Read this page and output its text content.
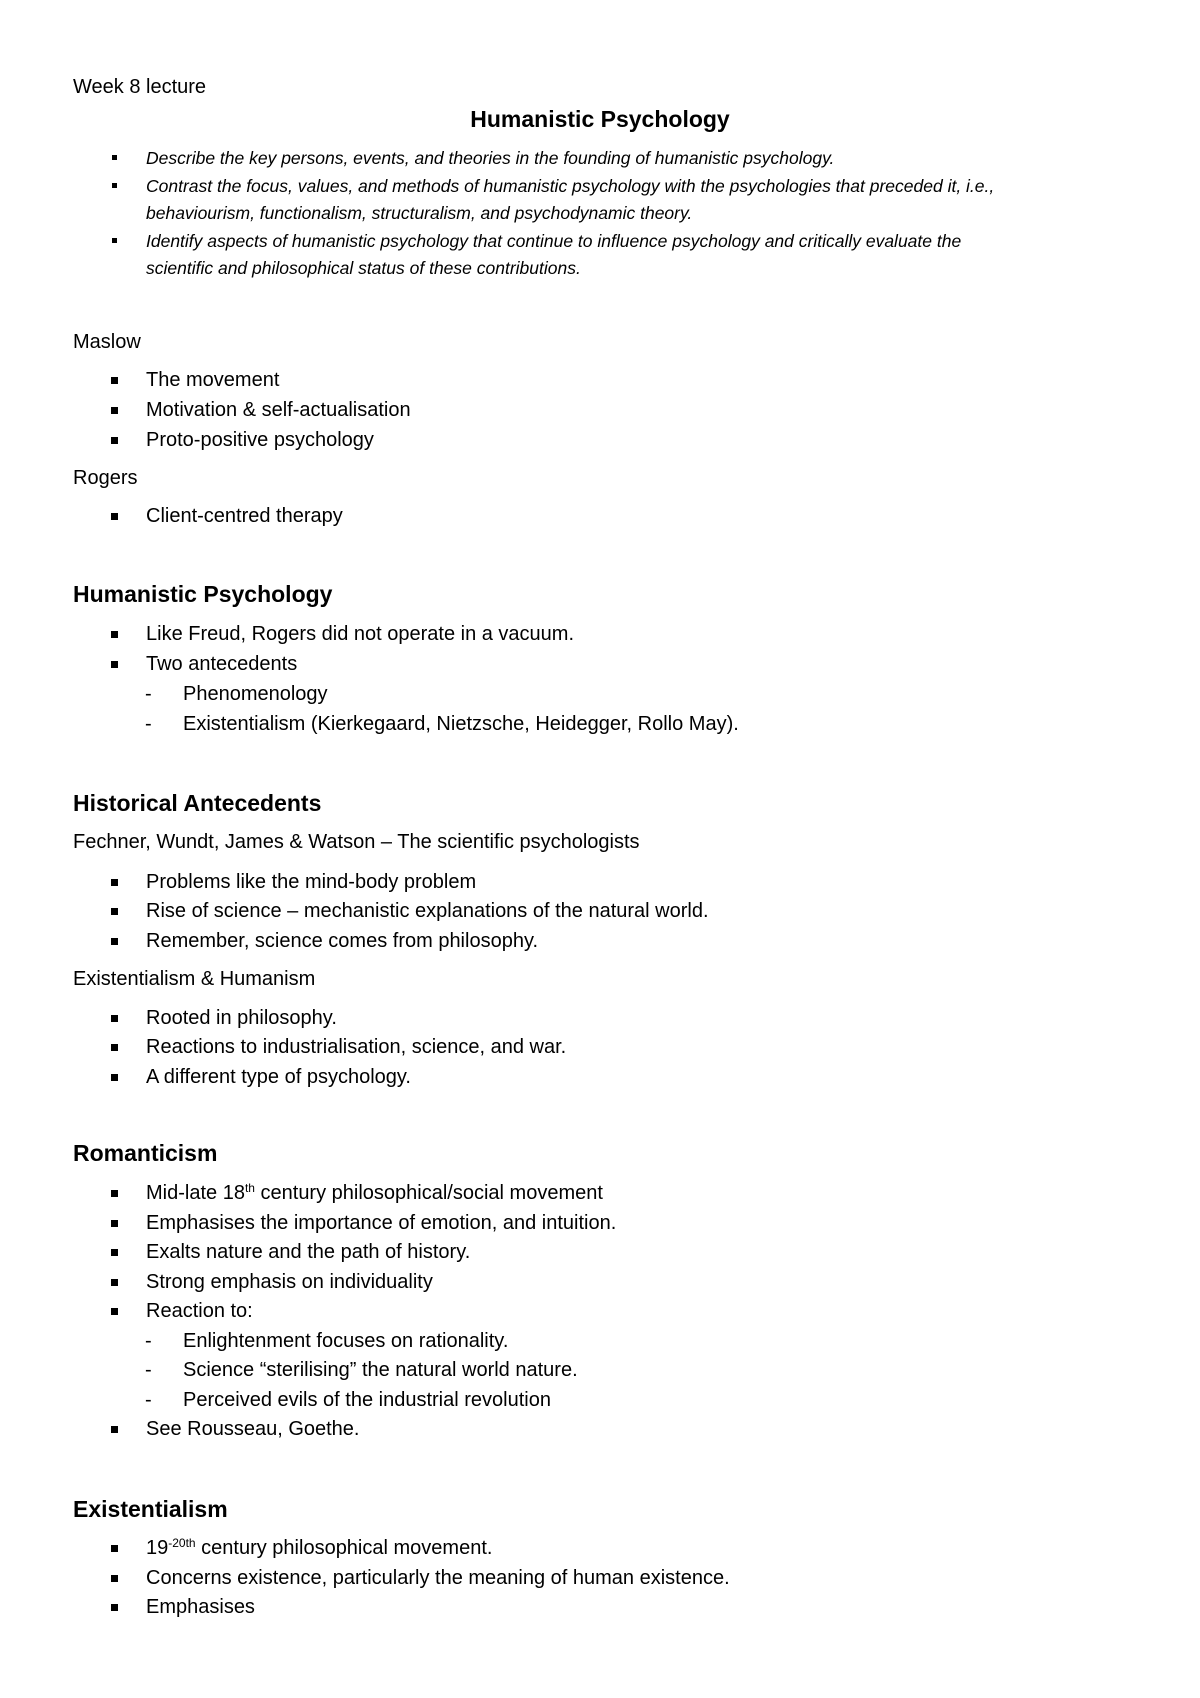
Week 8 lecture
Humanistic Psychology
Describe the key persons, events, and theories in the founding of humanistic psychology.
Contrast the focus, values, and methods of humanistic psychology with the psychologies that preceded it, i.e.,
behaviourism, functionalism, structuralism, and psychodynamic theory.
Identify aspects of humanistic psychology that continue to influence psychology and critically evaluate the
scientific and philosophical status of these contributions.
Maslow
The movement
Motivation & self-actualisation
Proto-positive psychology
Rogers
Client-centred therapy
Humanistic Psychology
Like Freud, Rogers did not operate in a vacuum.
Two antecedents
- Phenomenology
- Existentialism (Kierkegaard, Nietzsche, Heidegger, Rollo May).
Historical Antecedents
Fechner, Wundt, James & Watson – The scientific psychologists
Problems like the mind-body problem
Rise of science – mechanistic explanations of the natural world.
Remember, science comes from philosophy.
Existentialism & Humanism
Rooted in philosophy.
Reactions to industrialisation, science, and war.
A different type of psychology.
Romanticism
Mid-late 18th century philosophical/social movement
Emphasises the importance of emotion, and intuition.
Exalts nature and the path of history.
Strong emphasis on individuality
Reaction to:
- Enlightenment focuses on rationality.
- Science “sterilising” the natural world nature.
- Perceived evils of the industrial revolution
See Rousseau, Goethe.
Existentialism
$19^{-20th}$ century philosophical movement.
Concerns existence, particularly the meaning of human existence.
Emphasises
